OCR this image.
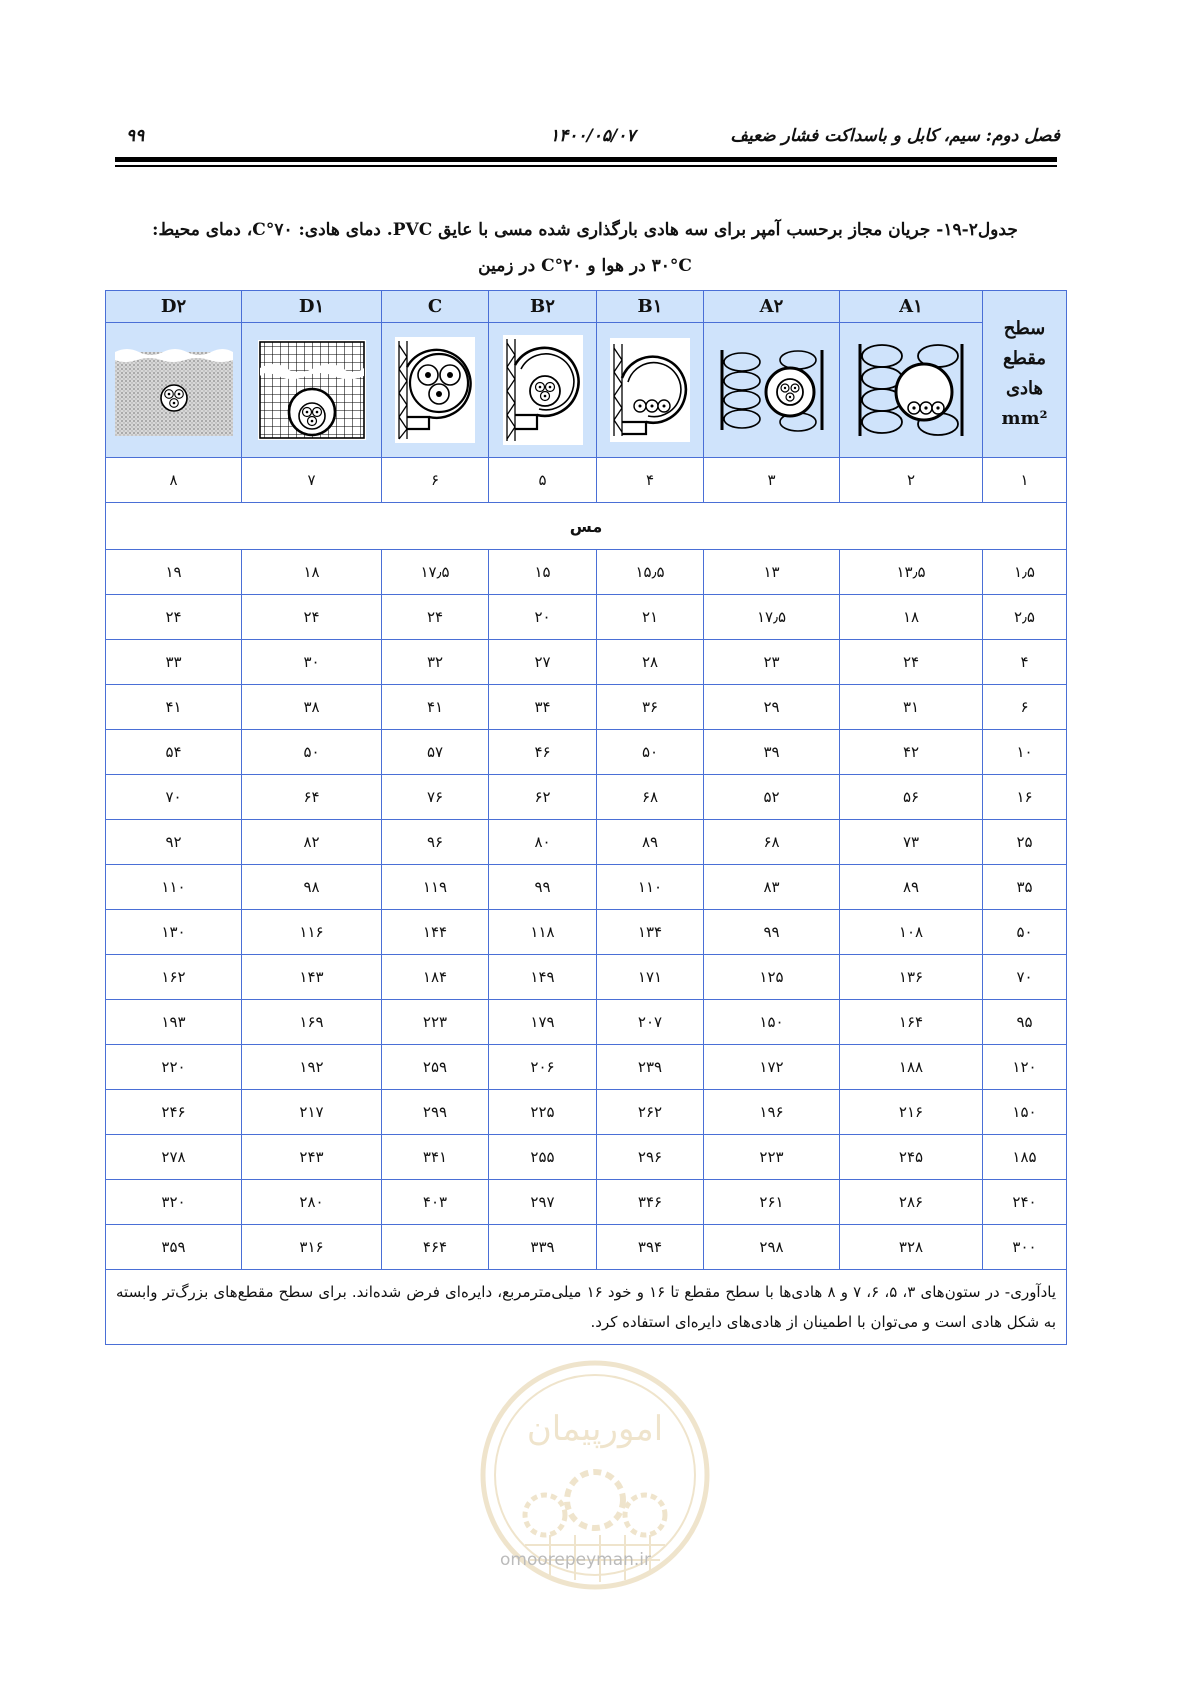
فصل دوم: سیم، کابل و باسداکت فشار ضعیف
۱۴۰۰/۰۵/۰۷
۹۹
جدول۲-۱۹- جریان مجاز برحسب آمپر برای سه هادی بارگذاری شده مسی با عایق PVC. دمای هادی: ۷۰°C، دمای محیط:
۳۰°C در هوا و ۲۰°C در زمین
سطح
مقطع
هادی
mm²	A۱	A۲	B۱	B۲	C	D۱	D۲

۱	۲	۳	۴	۵	۶	۷	۸
مس							
۱٫۵	۱۳٫۵	۱۳	۱۵٫۵	۱۵	۱۷٫۵	۱۸	۱۹
۲٫۵	۱۸	۱۷٫۵	۲۱	۲۰	۲۴	۲۴	۲۴
۴	۲۴	۲۳	۲۸	۲۷	۳۲	۳۰	۳۳
۶	۳۱	۲۹	۳۶	۳۴	۴۱	۳۸	۴۱
۱۰	۴۲	۳۹	۵۰	۴۶	۵۷	۵۰	۵۴
۱۶	۵۶	۵۲	۶۸	۶۲	۷۶	۶۴	۷۰
۲۵	۷۳	۶۸	۸۹	۸۰	۹۶	۸۲	۹۲
۳۵	۸۹	۸۳	۱۱۰	۹۹	۱۱۹	۹۸	۱۱۰
۵۰	۱۰۸	۹۹	۱۳۴	۱۱۸	۱۴۴	۱۱۶	۱۳۰
۷۰	۱۳۶	۱۲۵	۱۷۱	۱۴۹	۱۸۴	۱۴۳	۱۶۲
۹۵	۱۶۴	۱۵۰	۲۰۷	۱۷۹	۲۲۳	۱۶۹	۱۹۳
۱۲۰	۱۸۸	۱۷۲	۲۳۹	۲۰۶	۲۵۹	۱۹۲	۲۲۰
۱۵۰	۲۱۶	۱۹۶	۲۶۲	۲۲۵	۲۹۹	۲۱۷	۲۴۶
۱۸۵	۲۴۵	۲۲۳	۲۹۶	۲۵۵	۳۴۱	۲۴۳	۲۷۸
۲۴۰	۲۸۶	۲۶۱	۳۴۶	۲۹۷	۴۰۳	۲۸۰	۳۲۰
۳۰۰	۳۲۸	۲۹۸	۳۹۴	۳۳۹	۴۶۴	۳۱۶	۳۵۹
یادآوری- در ستون‌های ۳، ۵، ۶، ۷ و ۸ هادی‌ها با سطح مقطع تا ۱۶ و خود ۱۶ میلی‌مترمربع، دایره‌ای فرض شده‌اند. برای سطح مقطع‌های بزرگ‌تر وابسته به شکل هادی است و می‌توان با اطمینان از هادی‌های دایره‌ای استفاده کرد.							
امورپیمان
omoorepeyman.ir
